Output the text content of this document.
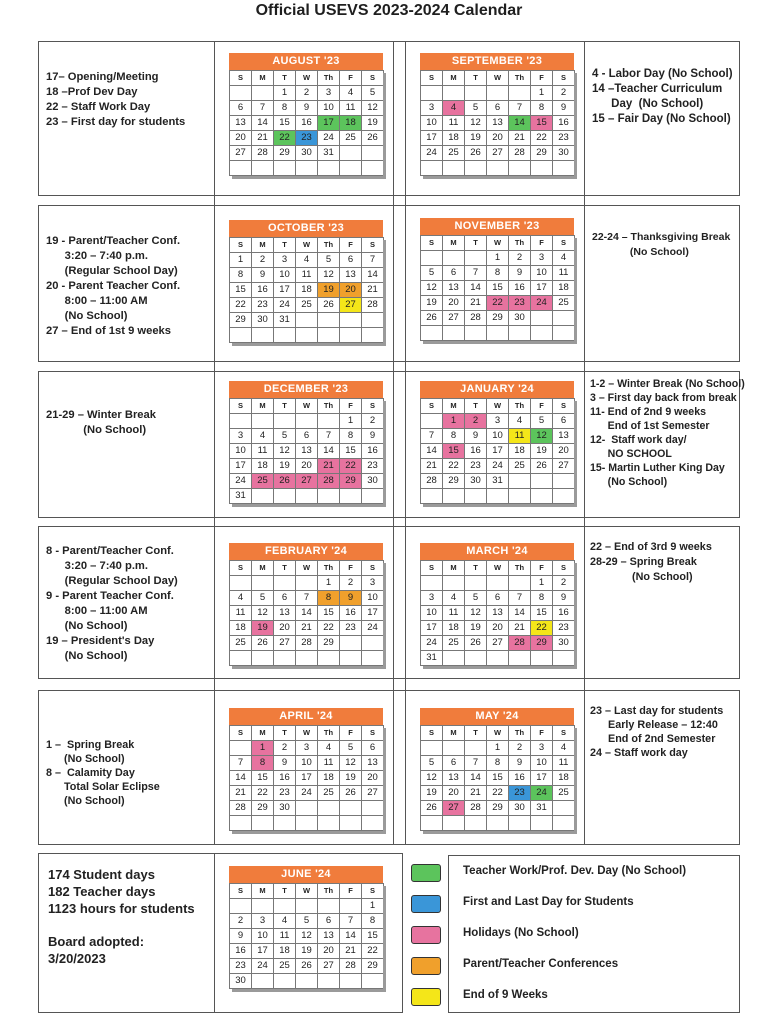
Official USEVS 2023-2024 Calendar
17– Opening/Meeting
18 –Prof Dev Day
22 – Staff Work Day
23 – First day for students
4 - Labor Day (No School)
14 –Teacher Curriculum
Day  (No School)
15 – Fair Day (No School)
19 - Parent/Teacher Conf.
3:20 – 7:40 p.m.
(Regular School Day)
20 - Parent Teacher Conf.
8:00 – 11:00 AM
(No School)
27 – End of 1st 9 weeks
22-24 – Thanksgiving Break
(No School)
21-29 – Winter Break
(No School)
1-2 – Winter Break (No School)
3 – First day back from break
11- End of 2nd 9 weeks
End of 1st Semester
12-  Staff work day/
NO SCHOOL
15- Martin Luther King Day
(No School)
8 - Parent/Teacher Conf.
3:20 – 7:40 p.m.
(Regular School Day)
9 - Parent Teacher Conf.
8:00 – 11:00 AM
(No School)
19 – President's Day
(No School)
22 – End of 3rd 9 weeks
28-29 – Spring Break
(No School)
1 –  Spring Break
(No School)
8 –  Calamity Day
Total Solar Eclipse
(No School)
23 – Last day for students
Early Release – 12:40
End of 2nd Semester
24 – Staff work day
AUGUST '23
S	M	T	W	Th	F	S
		1	2	3	4	5
6	7	8	9	10	11	12
13	14	15	16	17	18	19
20	21	22	23	24	25	26
27	28	29	30	31		

SEPTEMBER '23
S	M	T	W	Th	F	S
					1	2
3	4	5	6	7	8	9
10	11	12	13	14	15	16
17	18	19	20	21	22	23
24	25	26	27	28	29	30

OCTOBER '23
S	M	T	W	Th	F	S
1	2	3	4	5	6	7
8	9	10	11	12	13	14
15	16	17	18	19	20	21
22	23	24	25	26	27	28
29	30	31				

NOVEMBER '23
S	M	T	W	Th	F	S
			1	2	3	4
5	6	7	8	9	10	11
12	13	14	15	16	17	18
19	20	21	22	23	24	25
26	27	28	29	30		

DECEMBER '23
S	M	T	W	Th	F	S
					1	2
3	4	5	6	7	8	9
10	11	12	13	14	15	16
17	18	19	20	21	22	23
24	25	26	27	28	29	30
31						
JANUARY '24
S	M	T	W	Th	F	S
	1	2	3	4	5	6
7	8	9	10	11	12	13
14	15	16	17	18	19	20
21	22	23	24	25	26	27
28	29	30	31			

FEBRUARY '24
S	M	T	W	Th	F	S
				1	2	3
4	5	6	7	8	9	10
11	12	13	14	15	16	17
18	19	20	21	22	23	24
25	26	27	28	29		

MARCH '24
S	M	T	W	Th	F	S
					1	2
3	4	5	6	7	8	9
10	11	12	13	14	15	16
17	18	19	20	21	22	23
24	25	26	27	28	29	30
31						
APRIL '24
S	M	T	W	Th	F	S
	1	2	3	4	5	6
7	8	9	10	11	12	13
14	15	16	17	18	19	20
21	22	23	24	25	26	27
28	29	30				

MAY '24
S	M	T	W	Th	F	S
			1	2	3	4
5	6	7	8	9	10	11
12	13	14	15	16	17	18
19	20	21	22	23	24	25
26	27	28	29	30	31	

JUNE '24
S	M	T	W	Th	F	S
						1
2	3	4	5	6	7	8
9	10	11	12	13	14	15
16	17	18	19	20	21	22
23	24	25	26	27	28	29
30						
174 Student days
182 Teacher days
1123 hours for students
Board adopted:
3/20/2023
Teacher Work/Prof. Dev. Day (No School)
First and Last Day for Students
Holidays (No School)
Parent/Teacher Conferences
End of 9 Weeks
